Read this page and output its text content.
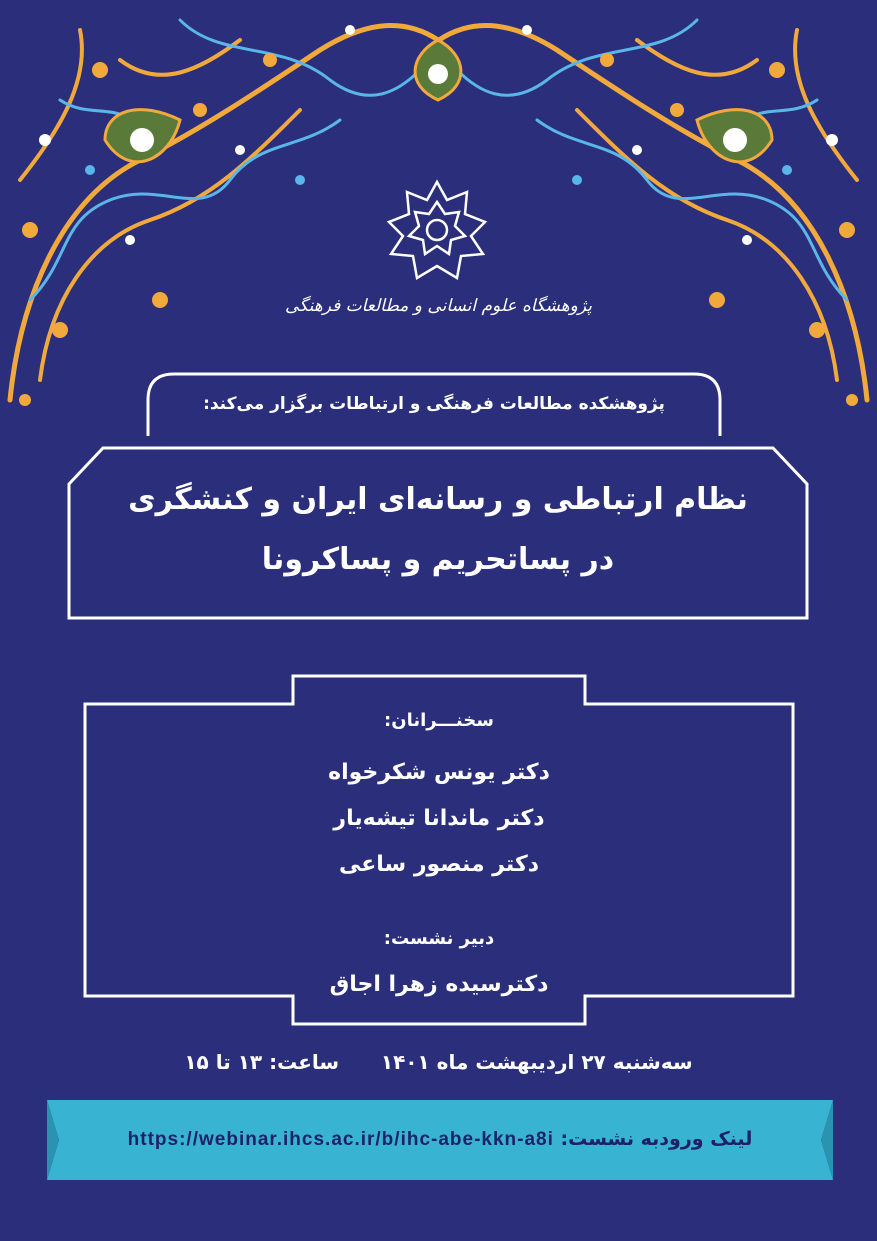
پژوهشگاه علوم انسانی و مطالعات فرهنگی
پژوهشکده مطالعات فرهنگی و ارتباطات برگزار می‌کند:
نظام ارتباطی و رسانه‌ای ایران و کنشگری
در پساتحریم و پساکرونا
سخنـــرانان:
دکتر یونس شکرخواه
دکتر ماندانا تیشه‌یار
دکتر منصور ساعی
دبیر نشست:
دکترسیده زهرا اجاق
سه‌شنبه ۲۷ اردیبهشت ماه ۱۴۰۱      ساعت: ۱۳ تا ۱۵
لینک ورودبه نشست: https://webinar.ihcs.ac.ir/b/ihc-abe-kkn-a8i
